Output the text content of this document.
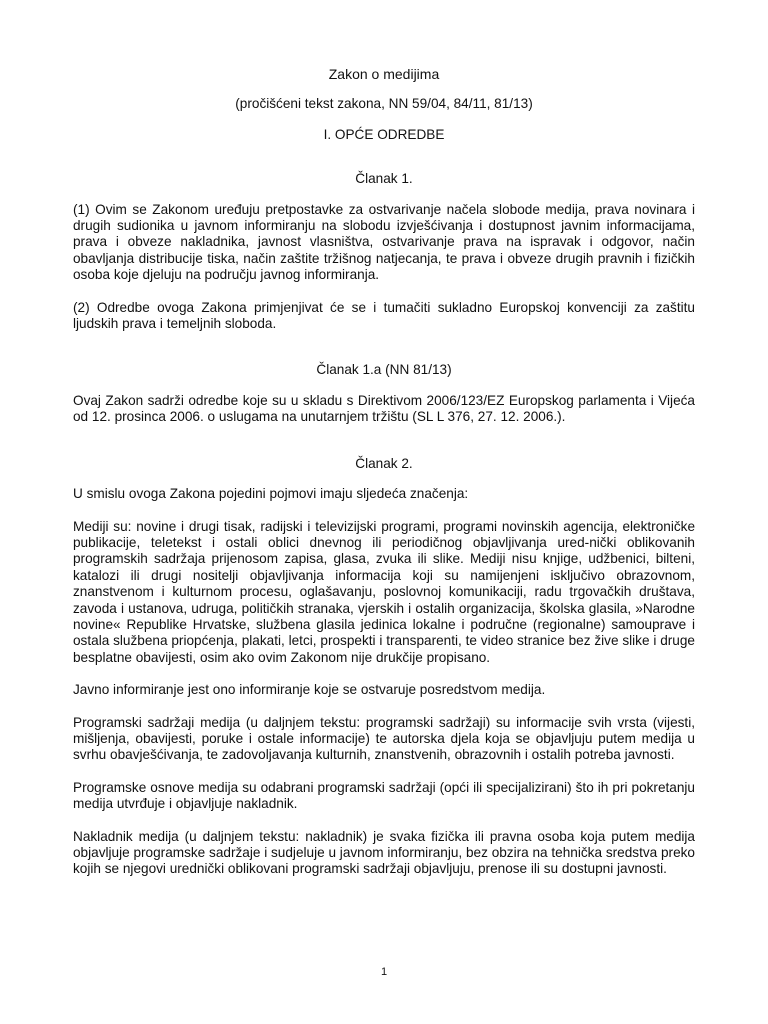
Zakon o medijima
(pročišćeni tekst zakona, NN 59/04, 84/11, 81/13)
I. OPĆE ODREDBE
Članak 1.

(1) Ovim se Zakonom uređuju pretpostavke za ostvarivanje načela slobode medija, prava novinara i drugih sudionika u javnom informiranju na slobodu izvješćivanja i dostupnost javnim informacijama, prava i obveze nakladnika, javnost vlasništva, ostvarivanje prava na ispravak i odgovor, način obavljanja distribucije tiska, način zaštite tržišnog natjecanja, te prava i obveze drugih pravnih i fizičkih osoba koje djeluju na području javnog informiranja.

(2) Odredbe ovoga Zakona primjenjivat će se i tumačiti sukladno Europskoj konvenciji za zaštitu ljudskih prava i temeljnih sloboda.

Članak 1.a (NN 81/13)

Ovaj Zakon sadrži odredbe koje su u skladu s Direktivom 2006/123/EZ Europskog parlamenta i Vijeća od 12. prosinca 2006. o uslugama na unutarnjem tržištu (SL L 376, 27. 12. 2006.).

Članak 2.

U smislu ovoga Zakona pojedini pojmovi imaju sljedeća značenja:

Mediji su: novine i drugi tisak, radijski i televizijski programi, programi novinskih agencija, elektroničke publikacije, teletekst i ostali oblici dnevnog ili periodičnog objavljivanja ured-nički oblikovanih programskih sadržaja prijenosom zapisa, glasa, zvuka ili slike. Mediji nisu knjige, udžbenici, bilteni, katalozi ili drugi nositelji objavljivanja informacija koji su namijenjeni isključivo obrazovnom, znanstvenom i kulturnom procesu, oglašavanju, poslovnoj komunikaciji, radu trgovačkih društava, zavoda i ustanova, udruga, političkih stranaka, vjerskih i ostalih organizacija, školska glasila, »Narodne novine« Republike Hrvatske, službena glasila jedinica lokalne i područne (regionalne) samouprave i ostala službena priopćenja, plakati, letci, prospekti i transparenti, te video stranice bez žive slike i druge besplatne obavijesti, osim ako ovim Zakonom nije drukčije propisano.

Javno informiranje jest ono informiranje koje se ostvaruje posredstvom medija.

Programski sadržaji medija (u daljnjem tekstu: programski sadržaji) su informacije svih vrsta (vijesti, mišljenja, obavijesti, poruke i ostale informacije) te autorska djela koja se objavljuju putem medija u svrhu obavješćivanja, te zadovoljavanja kulturnih, znanstvenih, obrazovnih i ostalih potreba javnosti.

Programske osnove medija su odabrani programski sadržaji (opći ili specijalizirani) što ih pri pokretanju medija utvrđuje i objavljuje nakladnik.

Nakladnik medija (u daljnjem tekstu: nakladnik) je svaka fizička ili pravna osoba koja putem medija objavljuje programske sadržaje i sudjeluje u javnom informiranju, bez obzira na tehnička sredstva preko kojih se njegovi urednički oblikovani programski sadržaji objavljuju, prenose ili su dostupni javnosti.

1
